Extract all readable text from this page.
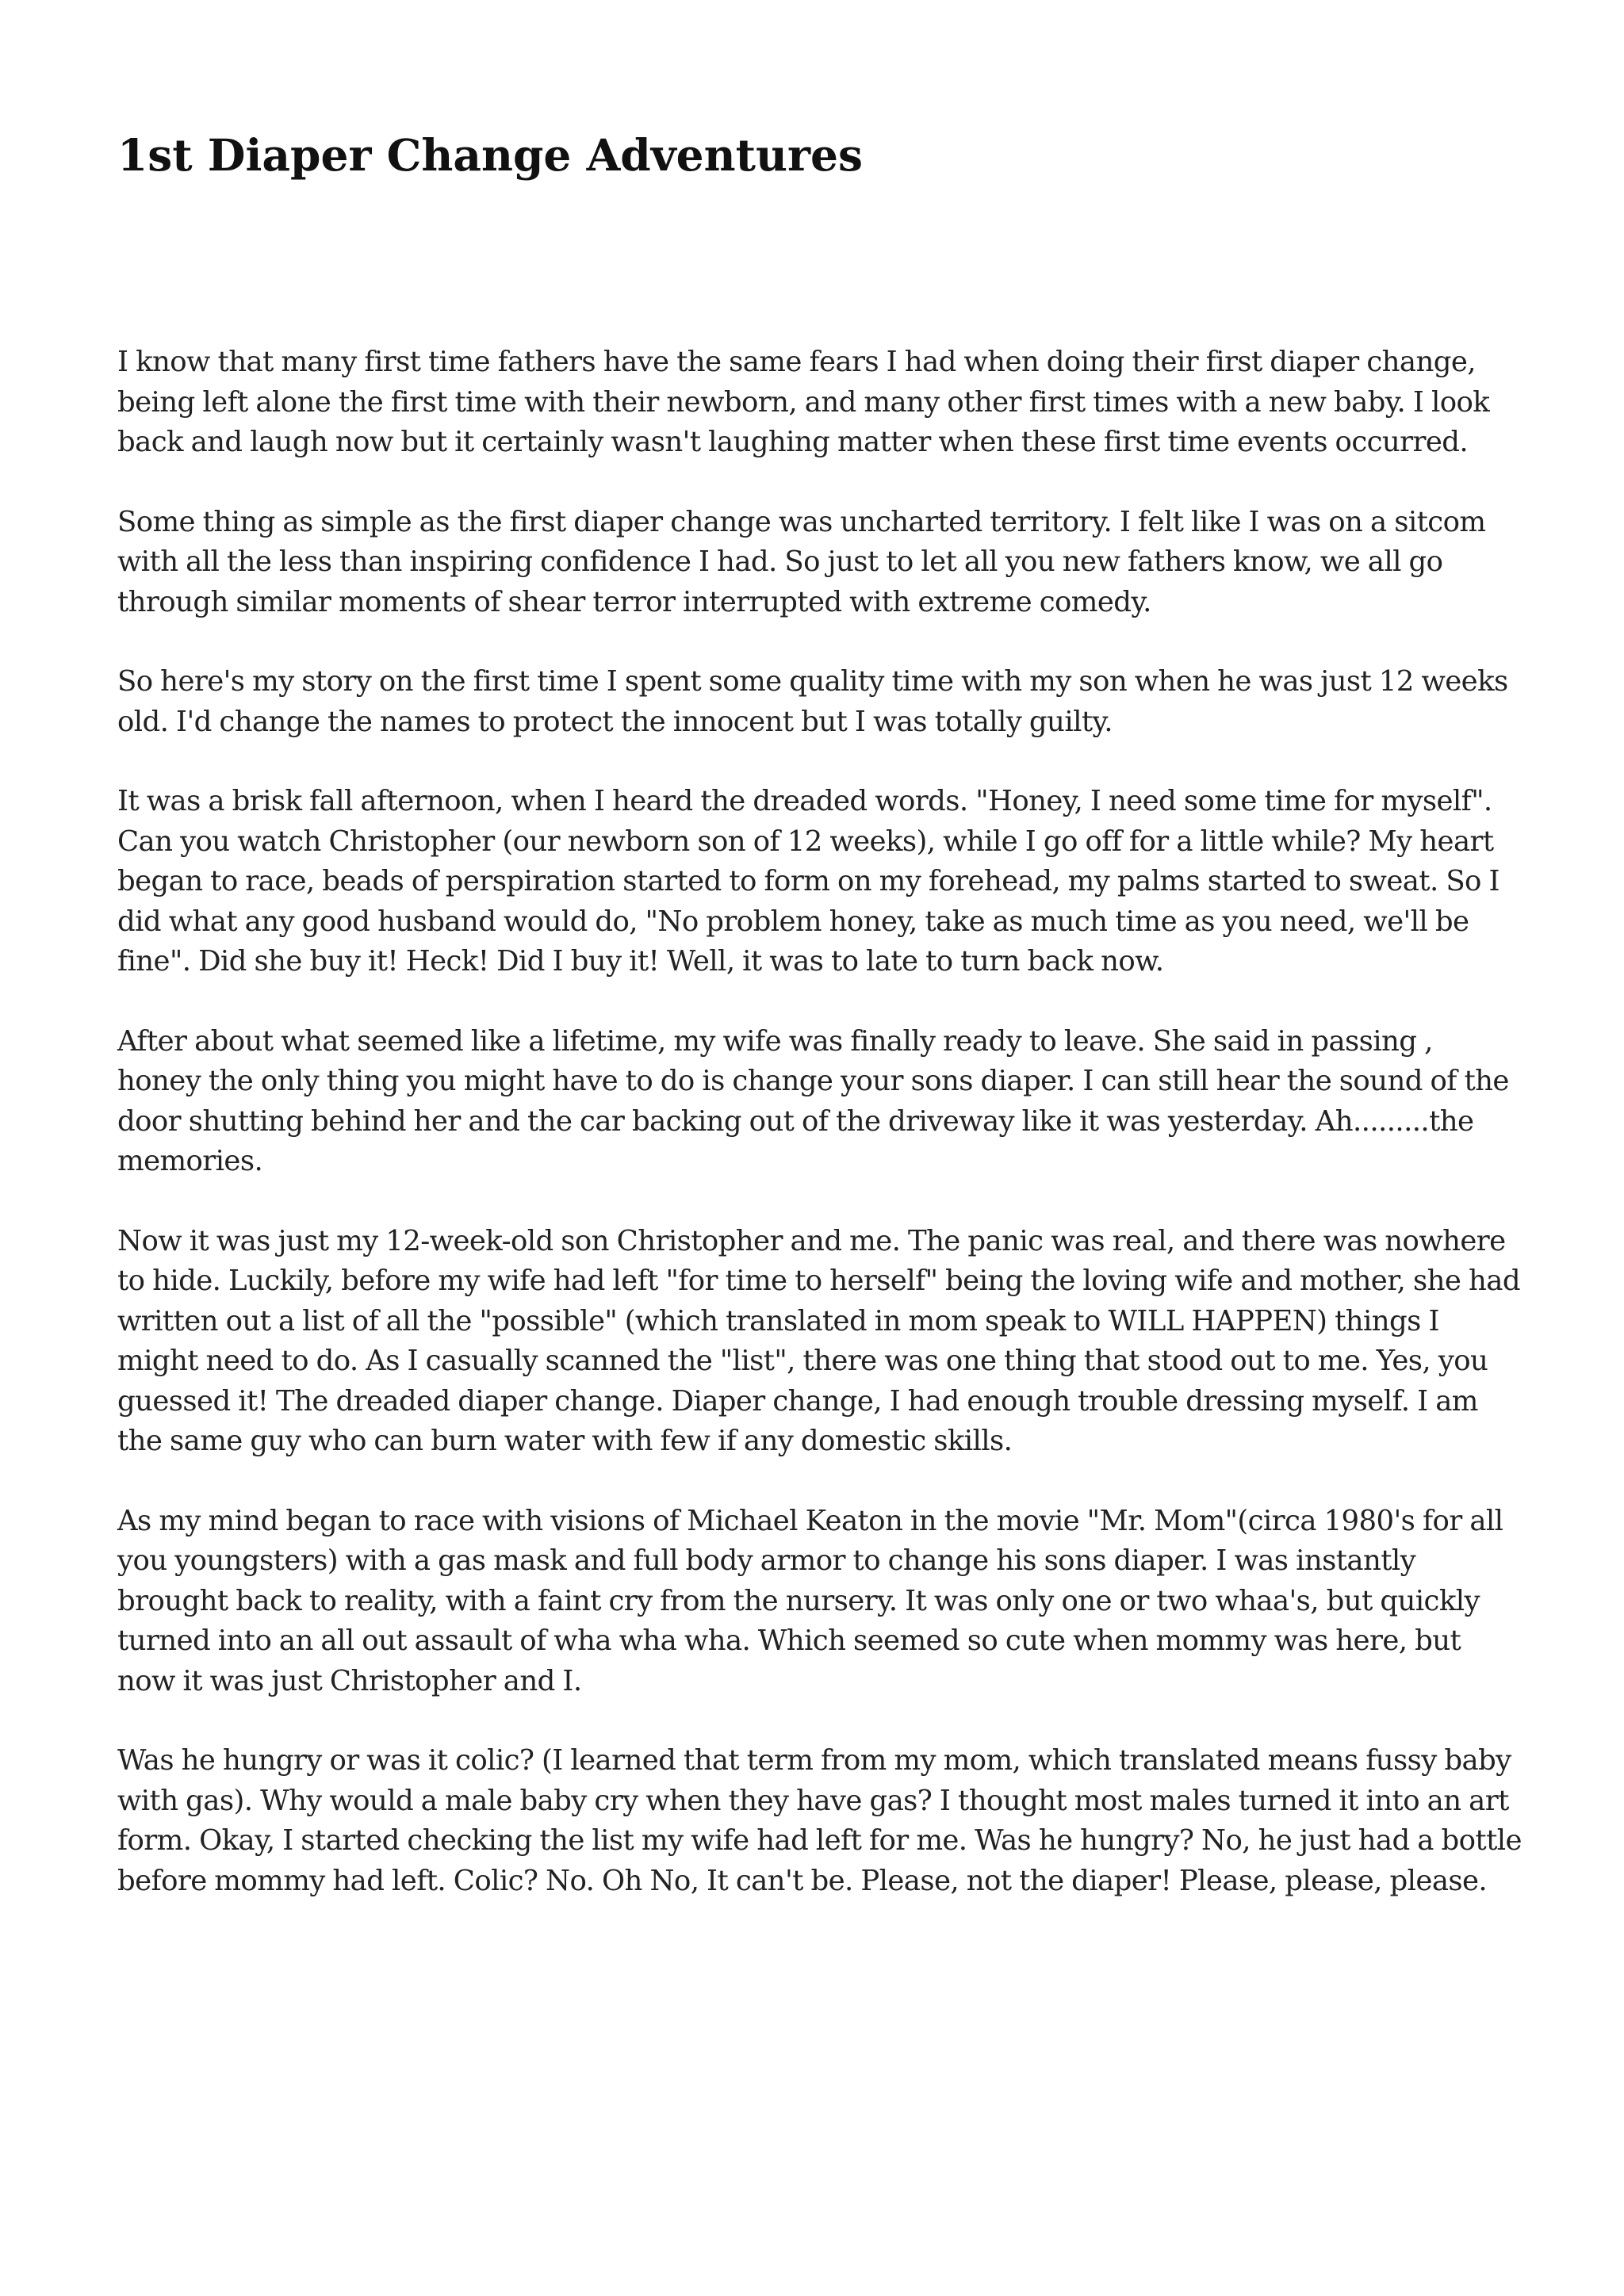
1st Diaper Change Adventures

I know that many first time fathers have the same fears I had when doing their first diaper change, being left alone the first time with their newborn, and many other first times with a new baby. I look back and laugh now but it certainly wasn't laughing matter when these first time events occurred.

Some thing as simple as the first diaper change was uncharted territory. I felt like I was on a sitcom with all the less than inspiring confidence I had. So just to let all you new fathers know, we all go through similar moments of shear terror interrupted with extreme comedy.

So here's my story on the first time I spent some quality time with my son when he was just 12 weeks old. I'd change the names to protect the innocent but I was totally guilty.

It was a brisk fall afternoon, when I heard the dreaded words. "Honey, I need some time for myself". Can you watch Christopher (our newborn son of 12 weeks), while I go off for a little while? My heart began to race, beads of perspiration started to form on my forehead, my palms started to sweat. So I did what any good husband would do, "No problem honey, take as much time as you need, we'll be fine". Did she buy it! Heck! Did I buy it! Well, it was to late to turn back now.

After about what seemed like a lifetime, my wife was finally ready to leave. She said in passing , honey the only thing you might have to do is change your sons diaper. I can still hear the sound of the door shutting behind her and the car backing out of the driveway like it was yesterday. Ah.........the memories.

Now it was just my 12-week-old son Christopher and me. The panic was real, and there was nowhere to hide. Luckily, before my wife had left "for time to herself" being the loving wife and mother, she had written out a list of all the "possible" (which translated in mom speak to WILL HAPPEN) things I might need to do. As I casually scanned the "list", there was one thing that stood out to me. Yes, you guessed it! The dreaded diaper change. Diaper change, I had enough trouble dressing myself. I am the same guy who can burn water with few if any domestic skills.

As my mind began to race with visions of Michael Keaton in the movie "Mr. Mom"(circa 1980's for all you youngsters) with a gas mask and full body armor to change his sons diaper. I was instantly brought back to reality, with a faint cry from the nursery. It was only one or two whaa's, but quickly turned into an all out assault of wha wha wha. Which seemed so cute when mommy was here, but now it was just Christopher and I.

Was he hungry or was it colic? (I learned that term from my mom, which translated means fussy baby with gas). Why would a male baby cry when they have gas? I thought most males turned it into an art form. Okay, I started checking the list my wife had left for me. Was he hungry? No, he just had a bottle before mommy had left. Colic? No. Oh No, It can't be. Please, not the diaper! Please, please, please.
